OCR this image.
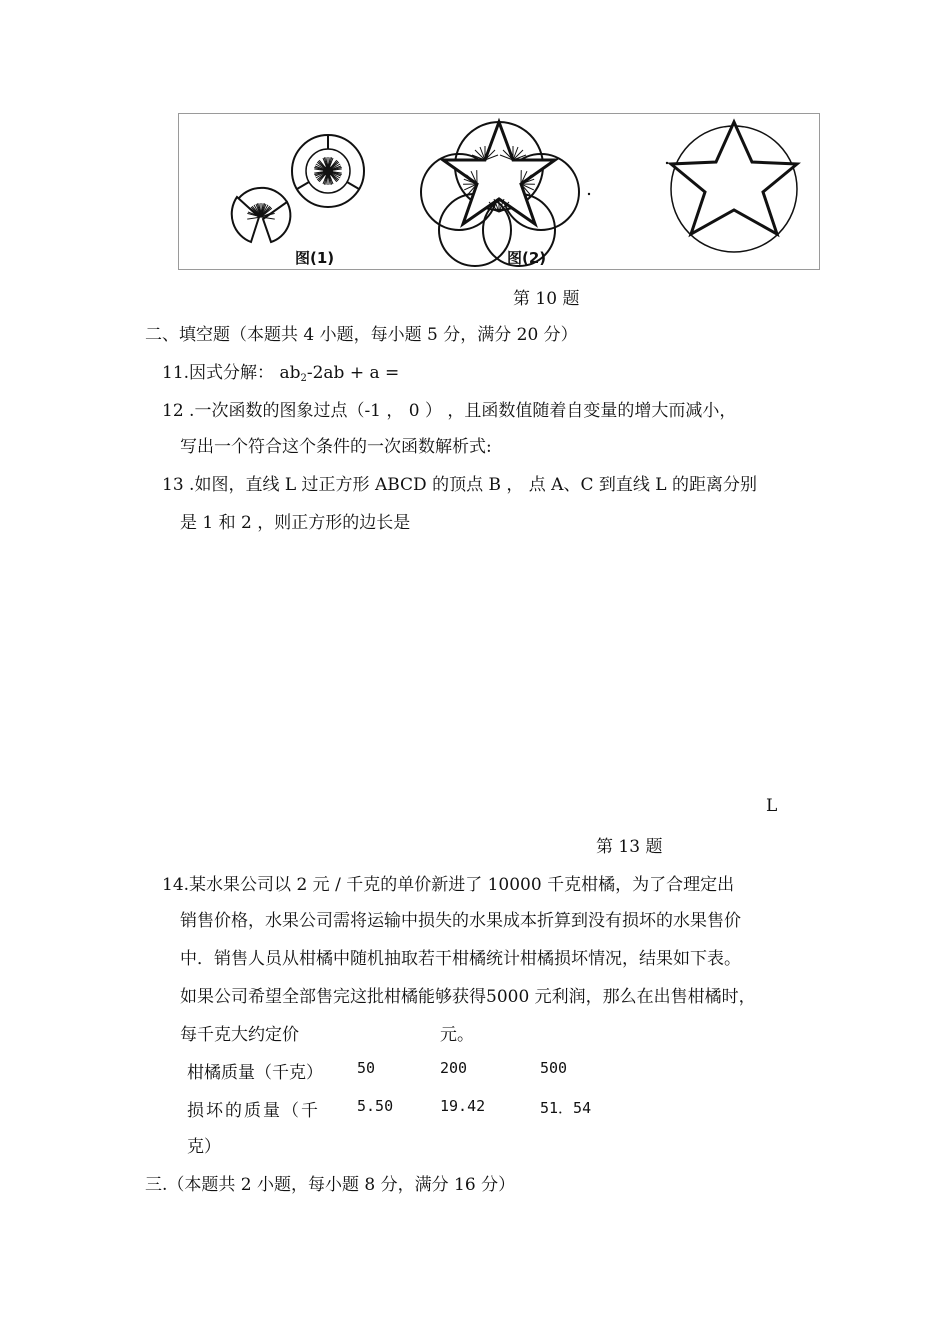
图(1)	图(2)
第 10 题
二、填空题（本题共 4 小题，每小题 5 分，满分 20 分）
11.因式分解： $ab_2-2ab + a$ =
12 .一次函数的图象过点（-1 ， 0 ） ，且函数值随着自变量的增大而减小，
写出一个符合这个条件的一次函数解析式:
13 .如图，直线 L 过正方形 ABCD 的顶点 B ， 点 A、C 到直线 L 的距离分别
是 1 和 2 ，则正方形的边长是
L
第 13 题
14.某水果公司以 2 元 / 千克的单价新进了 10000 千克柑橘，为了合理定出
销售价格，水果公司需将运输中损失的水果成本折算到没有损坏的水果售价
中．销售人员从柑橘中随机抽取若干柑橘统计柑橘损坏情况，结果如下表。
如果公司希望全部售完这批柑橘能够获得5000 元利润，那么在出售柑橘时，
每千克大约定价	元。
柑橘质量（千克） 50	200	500
损坏的质量（千 5.50	19.42	51．54
克）
三.（本题共 2 小题，每小题 8 分，满分 16 分）
